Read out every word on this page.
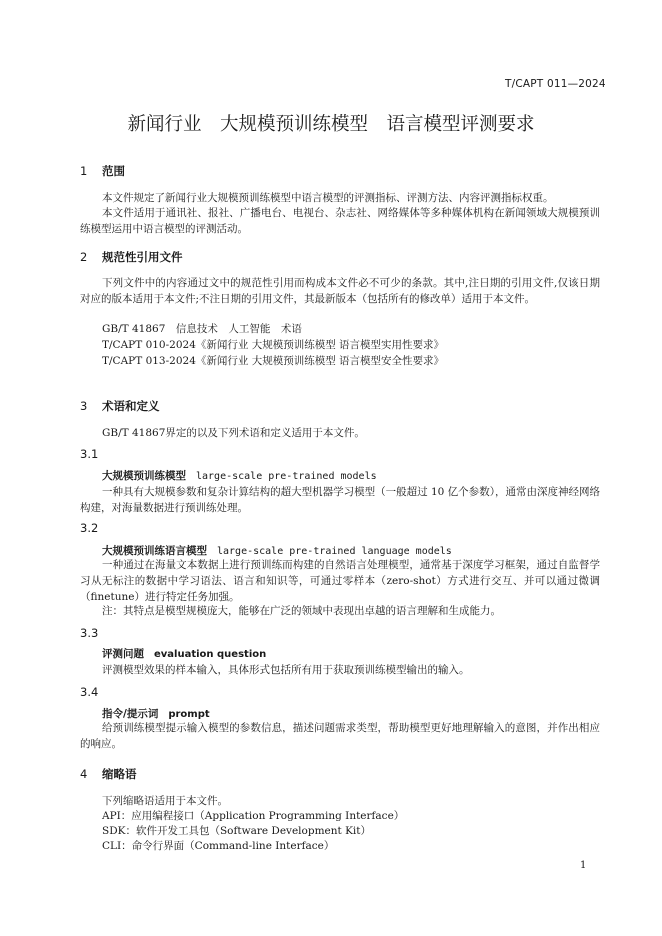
T/CAPT 011—2024
新闻行业　大规模预训练模型　语言模型评测要求
1 范围
本文件规定了新闻行业大规模预训练模型中语言模型的评测指标、评测方法、内容评测指标权重。
本文件适用于通讯社、报社、广播电台、电视台、杂志社、网络媒体等多种媒体机构在新闻领域大规模预训练模型运用中语言模型的评测活动。
2 规范性引用文件
下列文件中的内容通过文中的规范性引用而构成本文件必不可少的条款。其中,注日期的引用文件,仅该日期对应的版本适用于本文件;不注日期的引用文件，其最新版本（包括所有的修改单）适用于本文件。
GB/T 41867　信息技术　人工智能　术语
T/CAPT 010-2024《新闻行业 大规模预训练模型 语言模型实用性要求》
T/CAPT 013-2024《新闻行业 大规模预训练模型 语言模型安全性要求》
3 术语和定义
GB/T 41867界定的以及下列术语和定义适用于本文件。
3.1
大规模预训练模型 large-scale pre-trained models
一种具有大规模参数和复杂计算结构的超大型机器学习模型（一般超过 10 亿个参数），通常由深度神经网络构建，对海量数据进行预训练处理。
3.2
大规模预训练语言模型 large-scale pre-trained language models
一种通过在海量文本数据上进行预训练而构建的自然语言处理模型，通常基于深度学习框架，通过自监督学习从无标注的数据中学习语法、语言和知识等，可通过零样本（zero-shot）方式进行交互、并可以通过微调（finetune）进行特定任务加强。
注：其特点是模型规模庞大，能够在广泛的领域中表现出卓越的语言理解和生成能力。
3.3
评测问题 evaluation question
评测模型效果的样本输入，具体形式包括所有用于获取预训练模型输出的输入。
3.4
指令/提示词 prompt
给预训练模型提示输入模型的参数信息，描述问题需求类型，帮助模型更好地理解输入的意图，并作出相应的响应。
4 缩略语
下列缩略语适用于本文件。
API：应用编程接口（Application Programming Interface）
SDK：软件开发工具包（Software Development Kit）
CLI：命令行界面（Command-line Interface）
1
